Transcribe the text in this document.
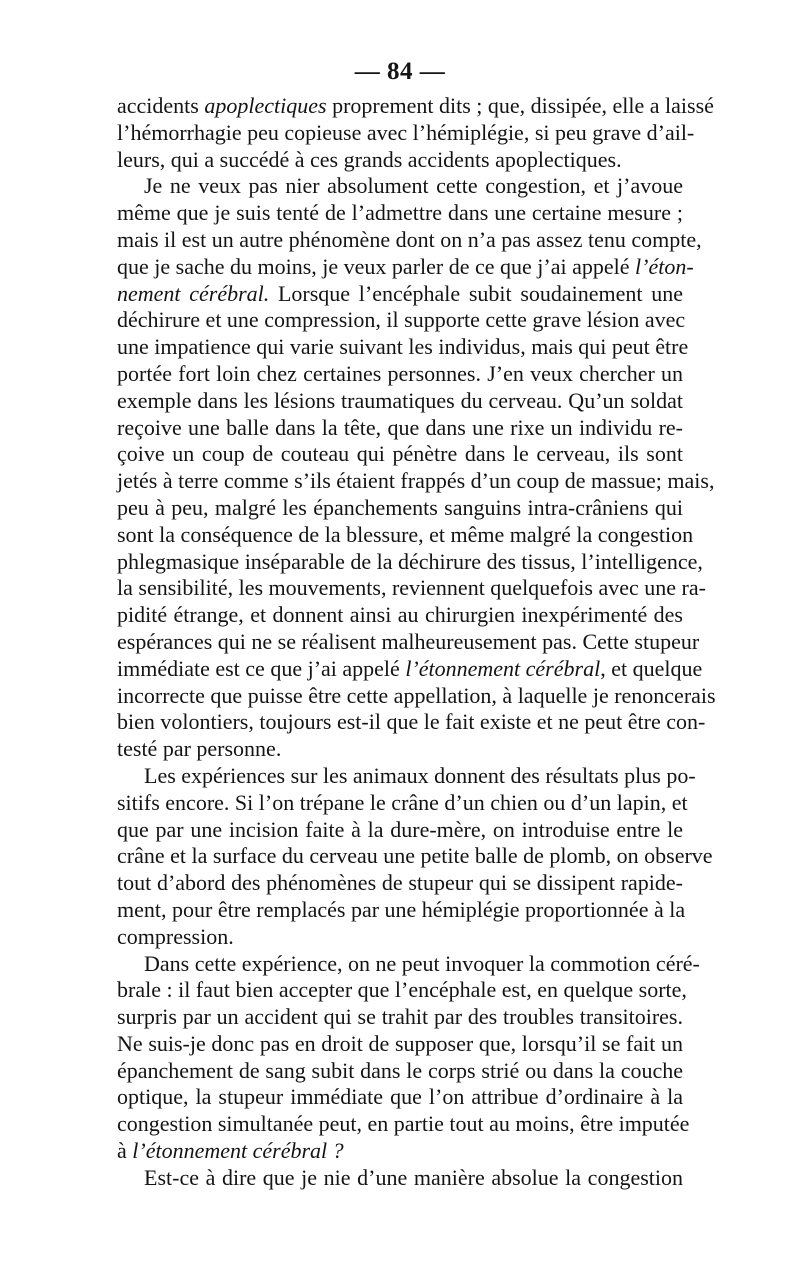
— 84 —
accidents apoplectiques proprement dits ; que, dissipée, elle a laissé
l’hémorrhagie peu copieuse avec l’hémiplégie, si peu grave d’ail-
leurs, qui a succédé à ces grands accidents apoplectiques.
Je ne veux pas nier absolument cette congestion, et j’avoue
même que je suis tenté de l’admettre dans une certaine mesure ;
mais il est un autre phénomène dont on n’a pas assez tenu compte,
que je sache du moins, je veux parler de ce que j’ai appelé l’éton-
nement cérébral. Lorsque l’encéphale subit soudainement une
déchirure et une compression, il supporte cette grave lésion avec
une impatience qui varie suivant les individus, mais qui peut être
portée fort loin chez certaines personnes. J’en veux chercher un
exemple dans les lésions traumatiques du cerveau. Qu’un soldat
reçoive une balle dans la tête, que dans une rixe un individu re-
çoive un coup de couteau qui pénètre dans le cerveau, ils sont
jetés à terre comme s’ils étaient frappés d’un coup de massue; mais,
peu à peu, malgré les épanchements sanguins intra-crâniens qui
sont la conséquence de la blessure, et même malgré la congestion
phlegmasique inséparable de la déchirure des tissus, l’intelligence,
la sensibilité, les mouvements, reviennent quelquefois avec une ra-
pidité étrange, et donnent ainsi au chirurgien inexpérimenté des
espérances qui ne se réalisent malheureusement pas. Cette stupeur
immédiate est ce que j’ai appelé l’étonnement cérébral, et quelque
incorrecte que puisse être cette appellation, à laquelle je renoncerais
bien volontiers, toujours est-il que le fait existe et ne peut être con-
testé par personne.
Les expériences sur les animaux donnent des résultats plus po-
sitifs encore. Si l’on trépane le crâne d’un chien ou d’un lapin, et
que par une incision faite à la dure-mère, on introduise entre le
crâne et la surface du cerveau une petite balle de plomb, on observe
tout d’abord des phénomènes de stupeur qui se dissipent rapide-
ment, pour être remplacés par une hémiplégie proportionnée à la
compression.
Dans cette expérience, on ne peut invoquer la commotion céré-
brale : il faut bien accepter que l’encéphale est, en quelque sorte,
surpris par un accident qui se trahit par des troubles transitoires.
Ne suis-je donc pas en droit de supposer que, lorsqu’il se fait un
épanchement de sang subit dans le corps strié ou dans la couche
optique, la stupeur immédiate que l’on attribue d’ordinaire à la
congestion simultanée peut, en partie tout au moins, être imputée
à l’étonnement cérébral ?
Est-ce à dire que je nie d’une manière absolue la congestion
